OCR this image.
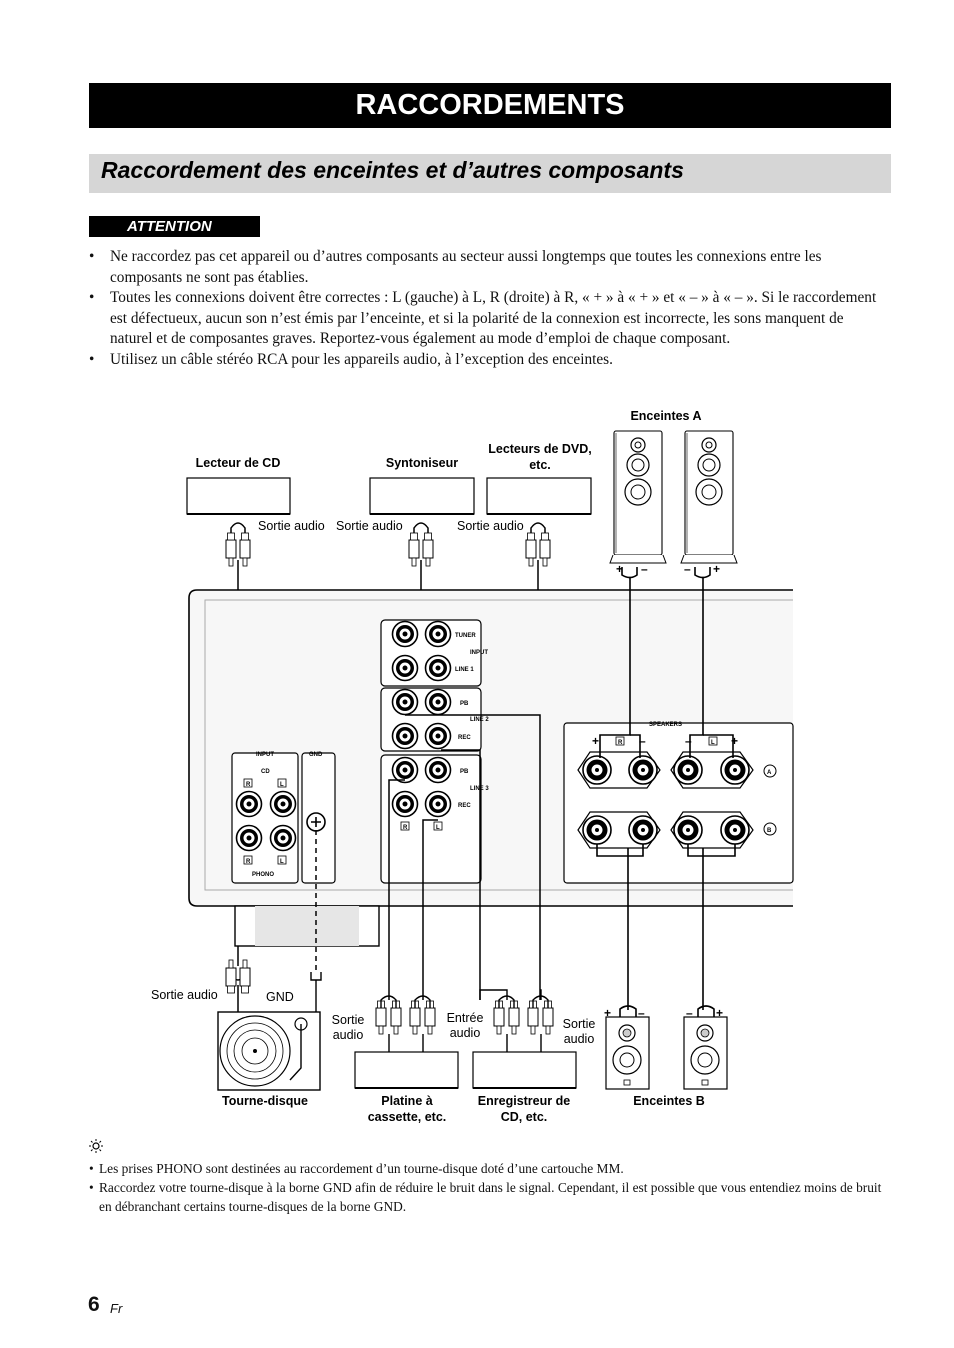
RACCORDEMENTS
Raccordement des enceintes et d’autres composants
ATTENTION
• Ne raccordez pas cet appareil ou d’autres composants au secteur aussi longtemps que toutes les connexions entre les composants ne sont pas établies.
• Toutes les connexions doivent être correctes : L (gauche) à L, R (droite) à R, « + » à « + » et « – » à « – ». Si le raccordement est défectueux, aucun son n’est émis par l’enceinte, et si la polarité de la connexion est incorrecte, les sons manquent de naturel et de composantes graves. Reportez-vous également au mode d’emploi de chaque composant.
• Utilisez un câble stéréo RCA pour les appareils audio, à l’exception des enceintes.
Lecteur de CD	Syntoniseur
Lecteurs de DVD,
etc.
Enceintes A
Sortie audio Sortie audio	Sortie audio
+ –	– +
TUNER
INPUT
LINE 1
PB
LINE 2
REC
PB
LINE 3
REC
R	L
INPUT
CD
R	L
R	L
PHONO
GND
SPEAKERS
+	R –	–	L +
A
B
+ –	– +
Sortie audio	GND
Sortie
audio
Entrée
audio
Sortie
audio
Tourne-disque	Platine à
cassette, etc.
Enregistreur de
CD, etc.
Enceintes B
• Les prises PHONO sont destinées au raccordement d’un tourne-disque doté d’une cartouche MM.
• Raccordez votre tourne-disque à la borne GND afin de réduire le bruit dans le signal. Cependant, il est possible que vous entendiez moins de bruit en débranchant certains tourne-disques de la borne GND.
6 Fr
